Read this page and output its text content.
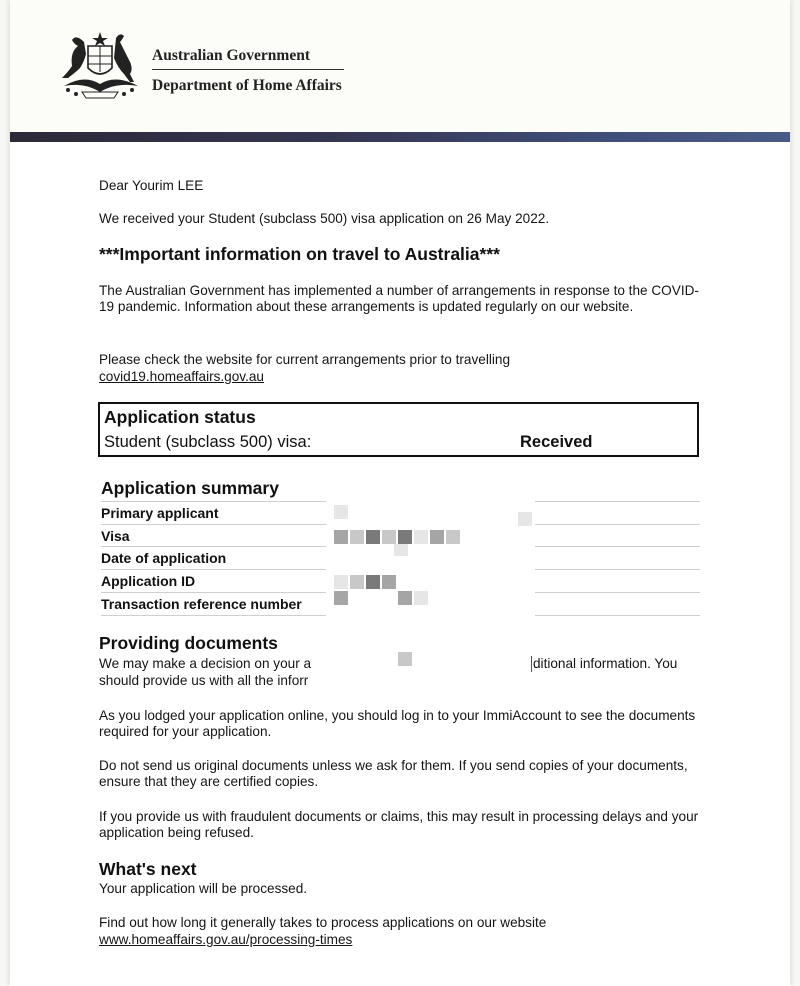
Australian Government
Department of Home Affairs
Dear Yourim LEE
We received your Student (subclass 500) visa application on 26 May 2022.
***Important information on travel to Australia***
The Australian Government has implemented a number of arrangements in response to the COVID-19 pandemic. Information about these arrangements is updated regularly on our website.
Please check the website for current arrangements prior to travelling
covid19.homeaffairs.gov.au
Application status
Student (subclass 500) visa:	Received
Application summary
Primary applicant
Visa
Date of application
Application ID
Transaction reference number
Providing documents
We may make a decision on your a	ditional information. You
should provide us with all the inforr
As you lodged your application online, you should log in to your ImmiAccount to see the documents required for your application.
Do not send us original documents unless we ask for them. If you send copies of your documents, ensure that they are certified copies.
If you provide us with fraudulent documents or claims, this may result in processing delays and your application being refused.
What's next
Your application will be processed.
Find out how long it generally takes to process applications on our website
www.homeaffairs.gov.au/processing-times
